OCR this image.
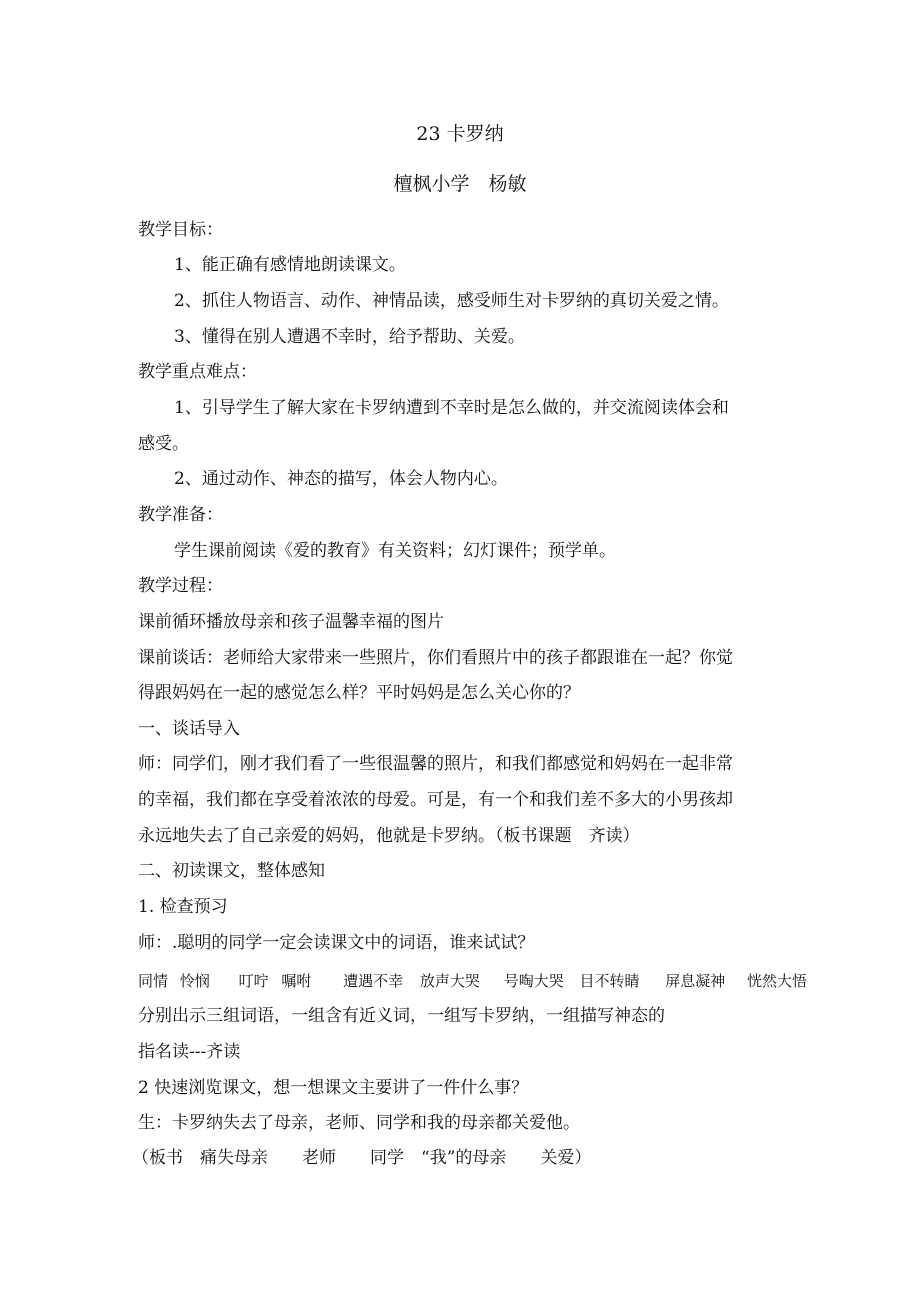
23 卡罗纳
檀枫小学　杨敏
教学目标：
1、能正确有感情地朗读课文。
2、抓住人物语言、动作、神情品读，感受师生对卡罗纳的真切关爱之情。
3、懂得在别人遭遇不幸时，给予帮助、关爱。
教学重点难点：
1、引导学生了解大家在卡罗纳遭到不幸时是怎么做的，并交流阅读体会和
感受。
2、通过动作、神态的描写，体会人物内心。
教学准备：
学生课前阅读《爱的教育》有关资料；幻灯课件；预学单。
教学过程：
课前循环播放母亲和孩子温馨幸福的图片
课前谈话：老师给大家带来一些照片，你们看照片中的孩子都跟谁在一起？你觉
得跟妈妈在一起的感觉怎么样？平时妈妈是怎么关心你的？
一、谈话导入
师：同学们，刚才我们看了一些很温馨的照片，和我们都感觉和妈妈在一起非常
的幸福，我们都在享受着浓浓的母爱。可是，有一个和我们差不多大的小男孩却
永远地失去了自己亲爱的妈妈，他就是卡罗纳。（板书课题　齐读）
二、初读课文，整体感知
1. 检查预习
师：.聪明的同学一定会读课文中的词语，谁来试试？
同情 怜悯 叮咛 嘱咐 遭遇不幸 放声大哭 号啕大哭 目不转睛 屏息凝神 恍然大悟
分别出示三组词语，一组含有近义词，一组写卡罗纳，一组描写神态的
指名读---齐读
2 快速浏览课文，想一想课文主要讲了一件什么事？
生：卡罗纳失去了母亲，老师、同学和我的母亲都关爱他。
（板书　痛失母亲　　老师　　同学　“我”的母亲　　关爱）
